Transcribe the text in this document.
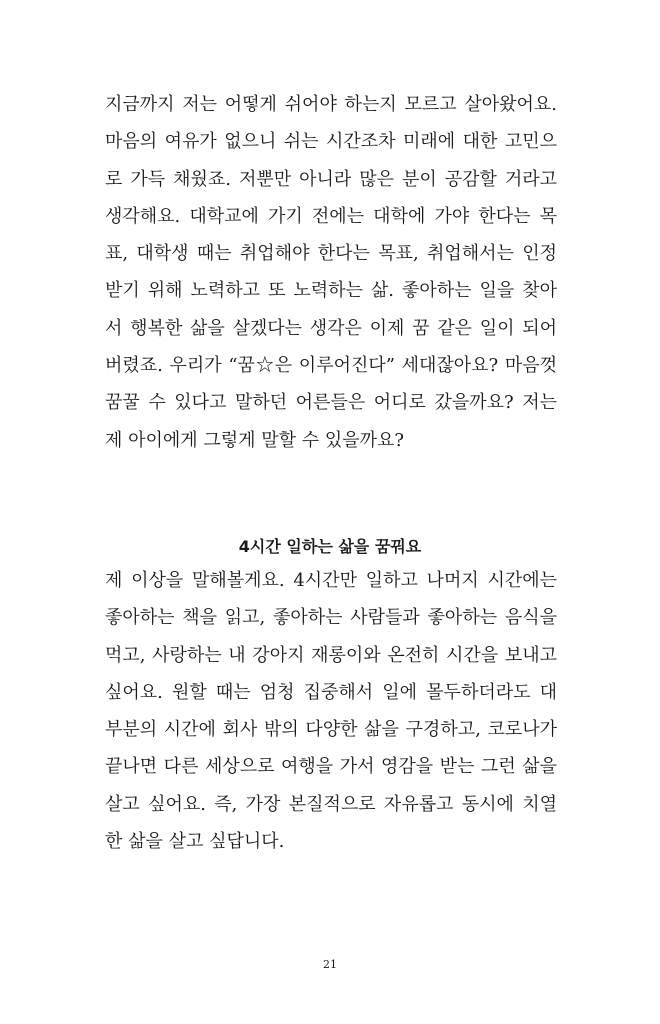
지금까지 저는 어떻게 쉬어야 하는지 모르고 살아왔어요.
마음의 여유가 없으니 쉬는 시간조차 미래에 대한 고민으
로 가득 채웠죠. 저뿐만 아니라 많은 분이 공감할 거라고
생각해요. 대학교에 가기 전에는 대학에 가야 한다는 목
표, 대학생 때는 취업해야 한다는 목표, 취업해서는 인정
받기 위해 노력하고 또 노력하는 삶. 좋아하는 일을 찾아
서 행복한 삶을 살겠다는 생각은 이제 꿈 같은 일이 되어
버렸죠. 우리가 “꿈☆은 이루어진다” 세대잖아요? 마음껏
꿈꿀 수 있다고 말하던 어른들은 어디로 갔을까요? 저는
제 아이에게 그렇게 말할 수 있을까요?
4시간 일하는 삶을 꿈꿔요
제 이상을 말해볼게요. 4시간만 일하고 나머지 시간에는
좋아하는 책을 읽고, 좋아하는 사람들과 좋아하는 음식을
먹고, 사랑하는 내 강아지 재롱이와 온전히 시간을 보내고
싶어요. 원할 때는 엄청 집중해서 일에 몰두하더라도 대
부분의 시간에 회사 밖의 다양한 삶을 구경하고, 코로나가
끝나면 다른 세상으로 여행을 가서 영감을 받는 그런 삶을
살고 싶어요. 즉, 가장 본질적으로 자유롭고 동시에 치열
한 삶을 살고 싶답니다.
21
